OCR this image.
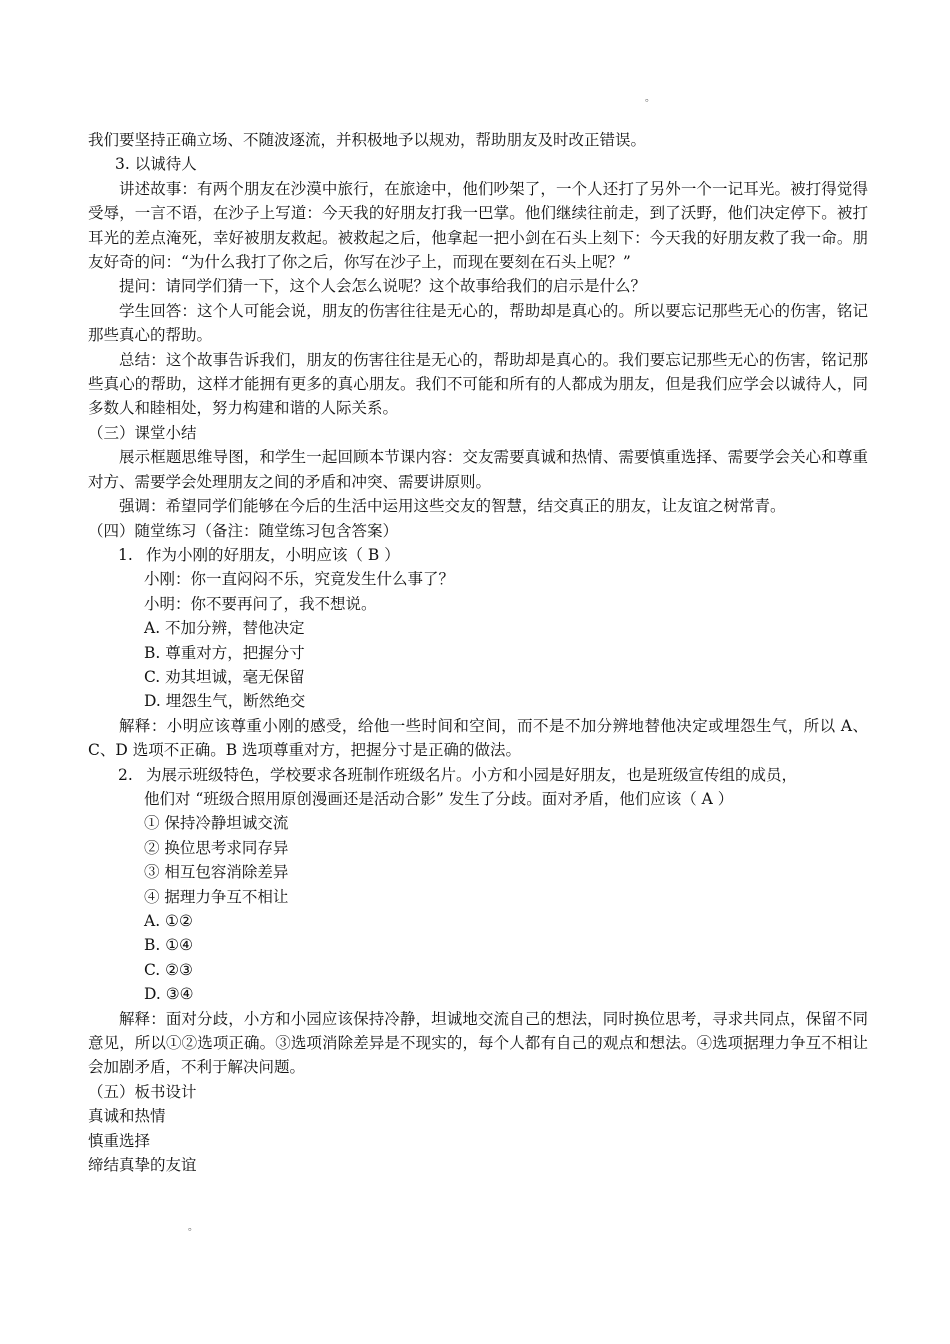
。

我们要坚持正确立场、不随波逐流，并积极地予以规劝，帮助朋友及时改正错误。

3. 以诚待人

讲述故事：有两个朋友在沙漠中旅行，在旅途中，他们吵架了，一个人还打了另外一个一记耳光。被打得觉得受辱，一言不语，在沙子上写道：今天我的好朋友打我一巴掌。他们继续往前走，到了沃野，他们决定停下。被打耳光的差点淹死，幸好被朋友救起。被救起之后，他拿起一把小剑在石头上刻下：今天我的好朋友救了我一命。朋友好奇的问：“为什么我打了你之后，你写在沙子上，而现在要刻在石头上呢？”

提问：请同学们猜一下，这个人会怎么说呢？这个故事给我们的启示是什么？

学生回答：这个人可能会说，朋友的伤害往往是无心的，帮助却是真心的。所以要忘记那些无心的伤害，铭记那些真心的帮助。

总结：这个故事告诉我们，朋友的伤害往往是无心的，帮助却是真心的。我们要忘记那些无心的伤害，铭记那些真心的帮助，这样才能拥有更多的真心朋友。我们不可能和所有的人都成为朋友，但是我们应学会以诚待人，同多数人和睦相处，努力构建和谐的人际关系。

（三）课堂小结

展示框题思维导图，和学生一起回顾本节课内容：交友需要真诚和热情、需要慎重选择、需要学会关心和尊重对方、需要学会处理朋友之间的矛盾和冲突、需要讲原则。

强调：希望同学们能够在今后的生活中运用这些交友的智慧，结交真正的朋友，让友谊之树常青。

（四）随堂练习（备注：随堂练习包含答案）

1. 作为小刚的好朋友，小明应该（ B ）

小刚：你一直闷闷不乐，究竟发生什么事了？

小明：你不要再问了，我不想说。

A. 不加分辨，替他决定

B. 尊重对方，把握分寸

C. 劝其坦诚，毫无保留

D. 埋怨生气，断然绝交

解释：小明应该尊重小刚的感受，给他一些时间和空间，而不是不加分辨地替他决定或埋怨生气，所以 A、C、D 选项不正确。B 选项尊重对方，把握分寸是正确的做法。

2. 为展示班级特色，学校要求各班制作班级名片。小方和小园是好朋友，也是班级宣传组的成员，

他们对 “班级合照用原创漫画还是活动合影” 发生了分歧。面对矛盾，他们应该（ A ）

① 保持冷静坦诚交流

② 换位思考求同存异

③ 相互包容消除差异

④ 据理力争互不相让

A. ①②

B. ①④

C. ②③

D. ③④

解释：面对分歧，小方和小园应该保持冷静，坦诚地交流自己的想法，同时换位思考，寻求共同点，保留不同意见，所以①②选项正确。③选项消除差异是不现实的，每个人都有自己的观点和想法。④选项据理力争互不相让会加剧矛盾，不利于解决问题。

（五）板书设计

真诚和热情

慎重选择

缔结真挚的友谊

。
